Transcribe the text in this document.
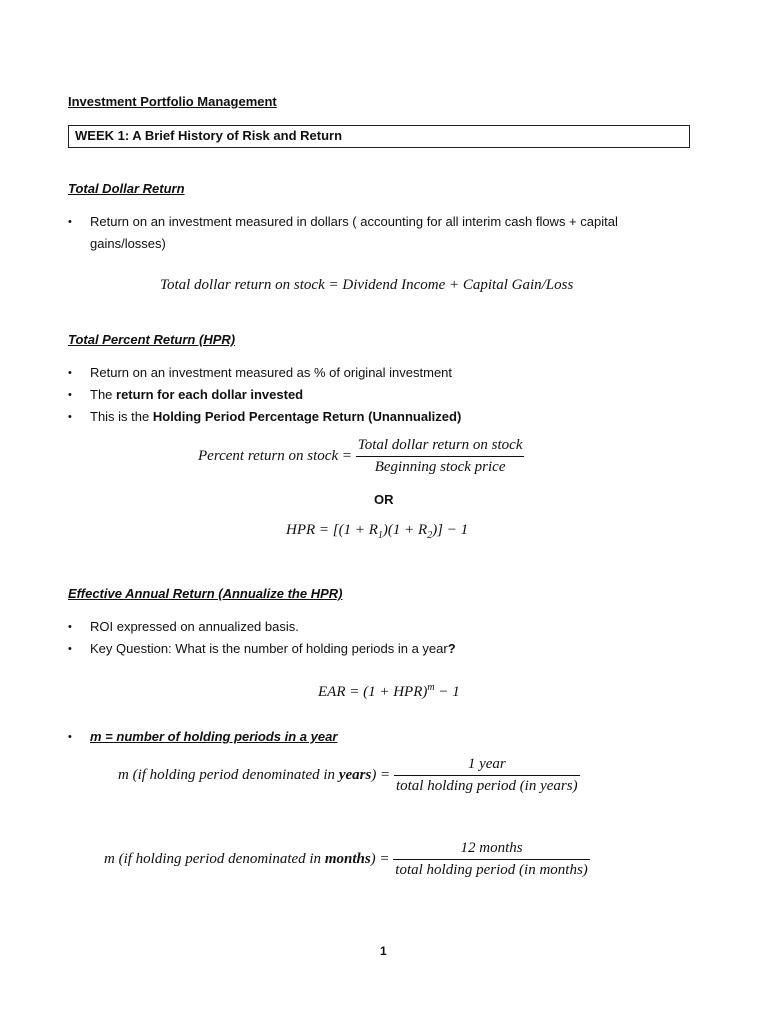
Investment Portfolio Management
WEEK 1: A Brief History of Risk and Return
Total Dollar Return
• Return on an investment measured in dollars ( accounting for all interim cash flows + capital
gains/losses)
Total dollar return on stock = Dividend Income + Capital Gain/Loss
Total Percent Return (HPR)
• Return on an investment measured as % of original investment
• The return for each dollar invested
• This is the Holding Period Percentage Return (Unannualized)
Percent return on stock = $\frac{\text{Total dollar return on stock}}{\text{Beginning stock price}}$
OR
HPR = $[(1 + R_1)(1 + R_2)] - 1$
Effective Annual Return (Annualize the HPR)
• ROI expressed on annualized basis.
• Key Question: What is the number of holding periods in a year?
EAR = (1 + HPR)$^m$ − 1
• m = number of holding periods in a year
m (if holding period denominated in years) = $\frac{\text{1 year}}{\text{total holding period (in years)}}$
m (if holding period denominated in months) = $\frac{\text{12 months}}{\text{total holding period (in months)}}$
1
